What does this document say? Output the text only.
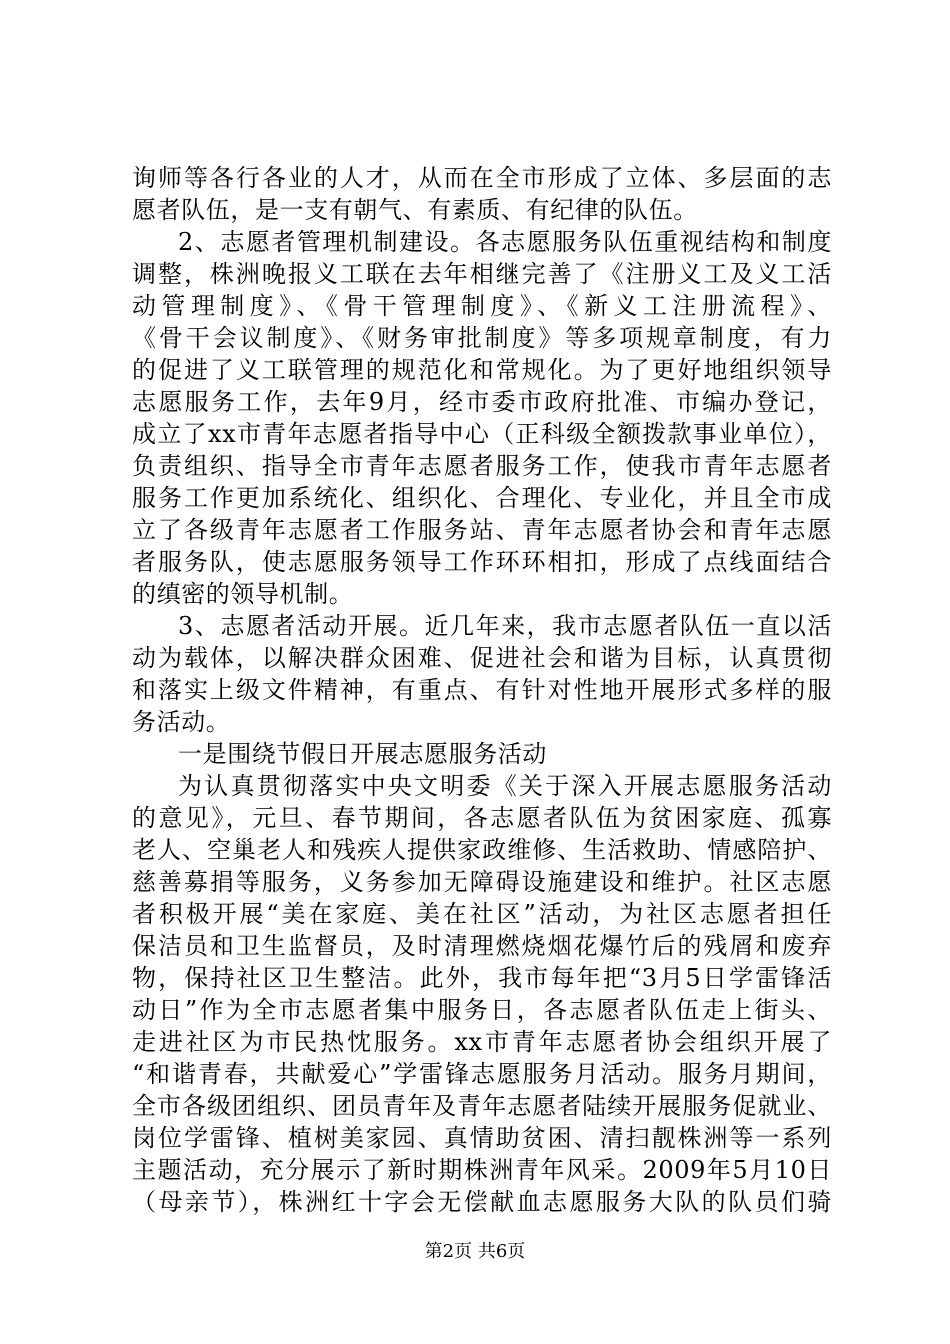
询师等各行各业的人才，从而在全市形成了立体、多层面的志
愿者队伍，是一支有朝气、有素质、有纪律的队伍。
2、志愿者管理机制建设。各志愿服务队伍重视结构和制度
调整，株洲晚报义工联在去年相继完善了《注册义工及义工活
动管理制度》、《骨干管理制度》、《新义工注册流程》、
《骨干会议制度》、《财务审批制度》等多项规章制度，有力
的促进了义工联管理的规范化和常规化。为了更好地组织领导
志愿服务工作，去年9月，经市委市政府批准、市编办登记，
成立了xx市青年志愿者指导中心（正科级全额拨款事业单位），
负责组织、指导全市青年志愿者服务工作，使我市青年志愿者
服务工作更加系统化、组织化、合理化、专业化，并且全市成
立了各级青年志愿者工作服务站、青年志愿者协会和青年志愿
者服务队，使志愿服务领导工作环环相扣，形成了点线面结合
的缜密的领导机制。
3、志愿者活动开展。近几年来，我市志愿者队伍一直以活
动为载体，以解决群众困难、促进社会和谐为目标，认真贯彻
和落实上级文件精神，有重点、有针对性地开展形式多样的服
务活动。
一是围绕节假日开展志愿服务活动
为认真贯彻落实中央文明委《关于深入开展志愿服务活动
的意见》，元旦、春节期间，各志愿者队伍为贫困家庭、孤寡
老人、空巢老人和残疾人提供家政维修、生活救助、情感陪护、
慈善募捐等服务，义务参加无障碍设施建设和维护。社区志愿
者积极开展“美在家庭、美在社区”活动，为社区志愿者担任
保洁员和卫生监督员，及时清理燃烧烟花爆竹后的残屑和废弃
物，保持社区卫生整洁。此外，我市每年把“3月5日学雷锋活
动日”作为全市志愿者集中服务日，各志愿者队伍走上街头、
走进社区为市民热忱服务。xx市青年志愿者协会组织开展了
“和谐青春，共献爱心”学雷锋志愿服务月活动。服务月期间，
全市各级团组织、团员青年及青年志愿者陆续开展服务促就业、
岗位学雷锋、植树美家园、真情助贫困、清扫靓株洲等一系列
主题活动，充分展示了新时期株洲青年风采。2009年5月10日
（母亲节），株洲红十字会无偿献血志愿服务大队的队员们骑
第2页 共6页
